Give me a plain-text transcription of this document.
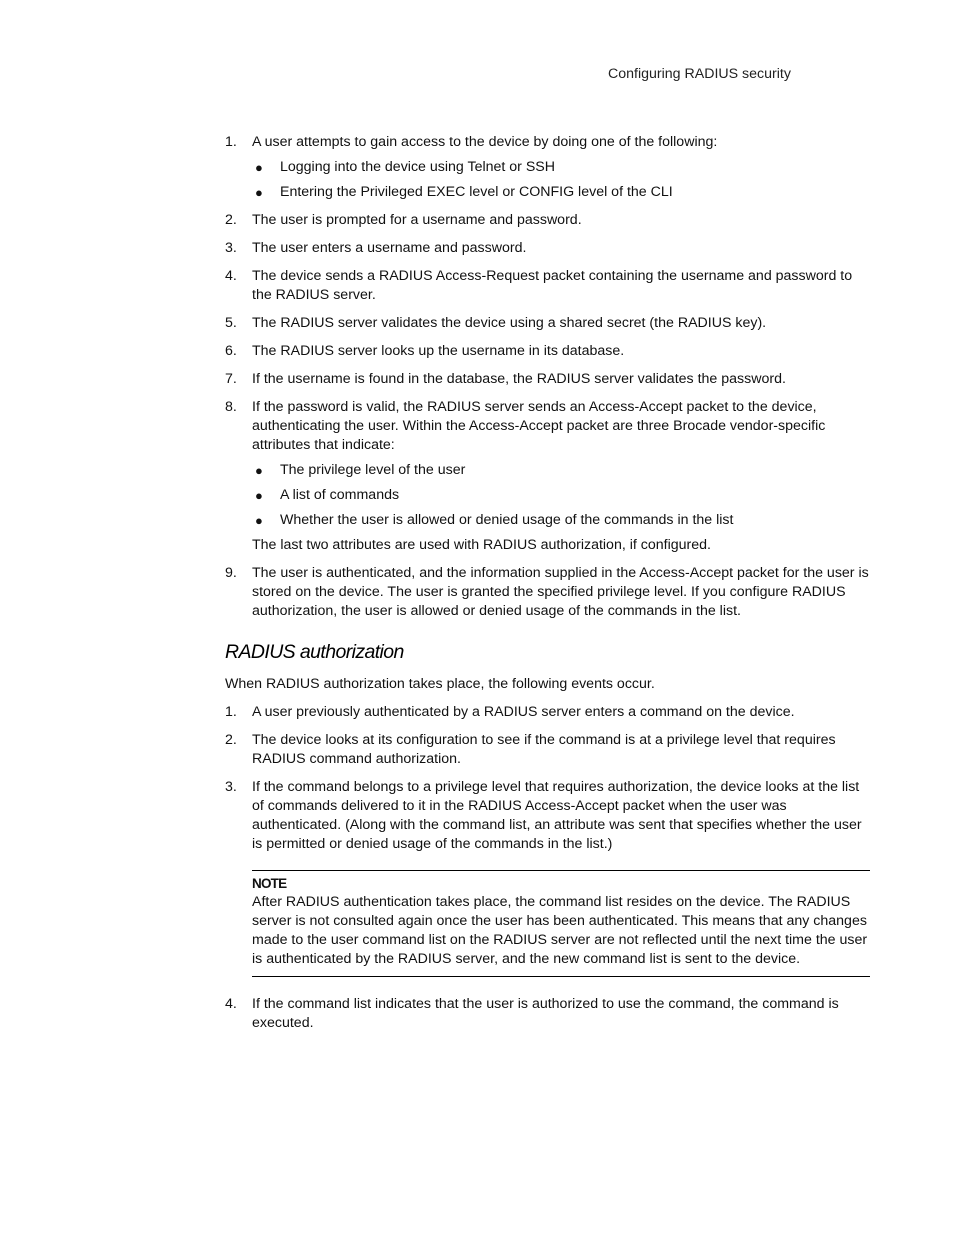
Configuring RADIUS security
1. A user attempts to gain access to the device by doing one of the following:
● Logging into the device using Telnet or SSH
● Entering the Privileged EXEC level or CONFIG level of the CLI
2. The user is prompted for a username and password.
3. The user enters a username and password.
4. The device sends a RADIUS Access-Request packet containing the username and password to the RADIUS server.
5. The RADIUS server validates the device using a shared secret (the RADIUS key).
6. The RADIUS server looks up the username in its database.
7. If the username is found in the database, the RADIUS server validates the password.
8. If the password is valid, the RADIUS server sends an Access-Accept packet to the device, authenticating the user. Within the Access-Accept packet are three Brocade vendor-specific attributes that indicate:
● The privilege level of the user
● A list of commands
● Whether the user is allowed or denied usage of the commands in the list

The last two attributes are used with RADIUS authorization, if configured.

9. The user is authenticated, and the information supplied in the Access-Accept packet for the user is stored on the device. The user is granted the specified privilege level. If you configure RADIUS authorization, the user is allowed or denied usage of the commands in the list.
RADIUS authorization

When RADIUS authorization takes place, the following events occur.

1. A user previously authenticated by a RADIUS server enters a command on the device.
2. The device looks at its configuration to see if the command is at a privilege level that requires RADIUS command authorization.
3. If the command belongs to a privilege level that requires authorization, the device looks at the list of commands delivered to it in the RADIUS Access-Accept packet when the user was authenticated. (Along with the command list, an attribute was sent that specifies whether the user is permitted or denied usage of the commands in the list.)
NOTE

After RADIUS authentication takes place, the command list resides on the device. The RADIUS server is not consulted again once the user has been authenticated. This means that any changes made to the user command list on the RADIUS server are not reflected until the next time the user is authenticated by the RADIUS server, and the new command list is sent to the device.

4. If the command list indicates that the user is authorized to use the command, the command is executed.
